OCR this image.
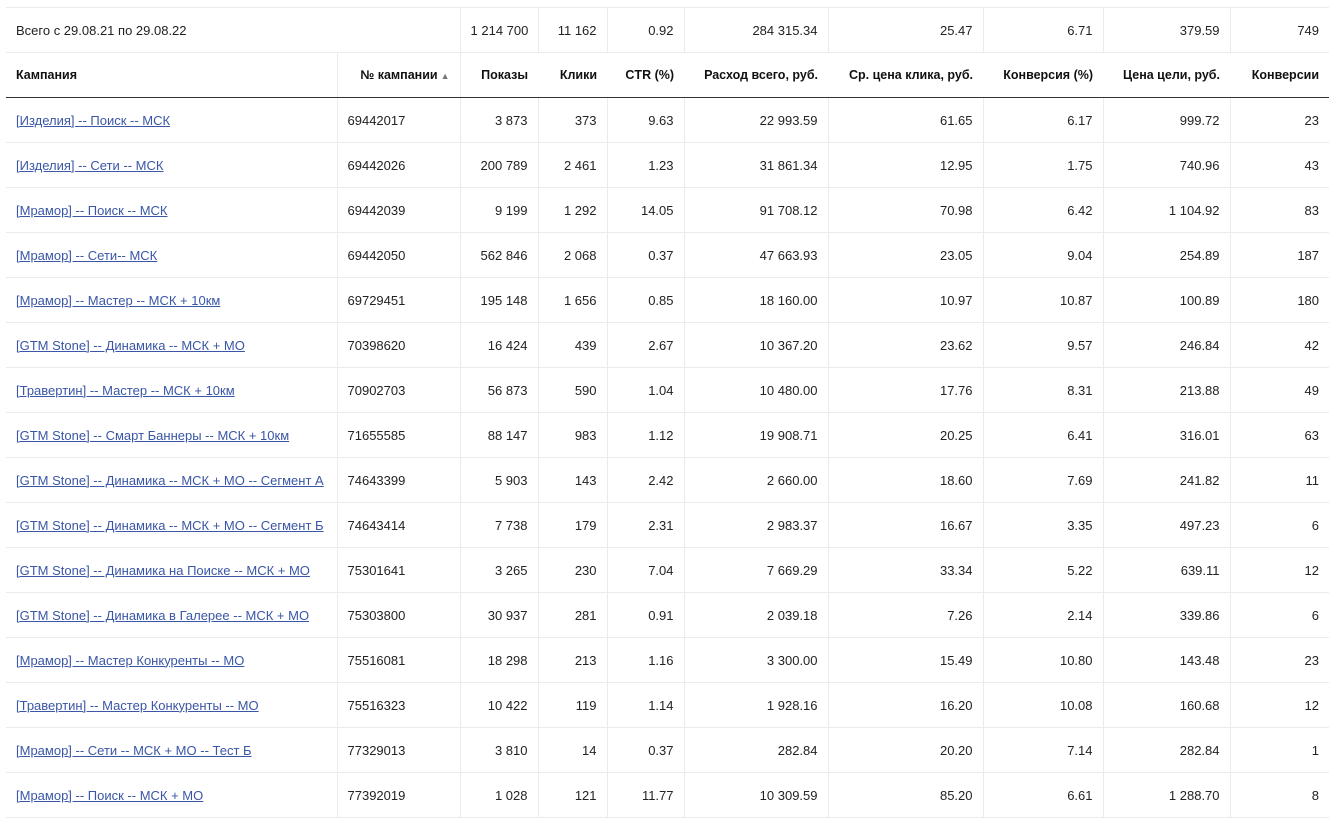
Всего с 29.08.21 по 29.08.22		1 214 700	11 162	0.92	284 315.34	25.47	6.71	379.59	749
Кампания	№ кампании ▲	Показы	Клики	CTR (%)	Расход всего, руб.	Ср. цена клика, руб.	Конверсия (%)	Цена цели, руб.	Конверсии
[Изделия] -- Поиск -- МСК	69442017	3 873	373	9.63	22 993.59	61.65	6.17	999.72	23
[Изделия] -- Сети -- МСК	69442026	200 789	2 461	1.23	31 861.34	12.95	1.75	740.96	43
[Мрамор] -- Поиск -- МСК	69442039	9 199	1 292	14.05	91 708.12	70.98	6.42	1 104.92	83
[Мрамор] -- Сети-- МСК	69442050	562 846	2 068	0.37	47 663.93	23.05	9.04	254.89	187
[Мрамор] -- Мастер -- МСК + 10км	69729451	195 148	1 656	0.85	18 160.00	10.97	10.87	100.89	180
[GTM Stone] -- Динамика -- МСК + МО	70398620	16 424	439	2.67	10 367.20	23.62	9.57	246.84	42
[Травертин] -- Мастер -- МСК + 10км	70902703	56 873	590	1.04	10 480.00	17.76	8.31	213.88	49
[GTM Stone] -- Смарт Баннеры -- МСК + 10км	71655585	88 147	983	1.12	19 908.71	20.25	6.41	316.01	63
[GTM Stone] -- Динамика -- МСК + МО -- Сегмент А	74643399	5 903	143	2.42	2 660.00	18.60	7.69	241.82	11
[GTM Stone] -- Динамика -- МСК + МО -- Сегмент Б	74643414	7 738	179	2.31	2 983.37	16.67	3.35	497.23	6
[GTM Stone] -- Динамика на Поиске -- МСК + МО	75301641	3 265	230	7.04	7 669.29	33.34	5.22	639.11	12
[GTM Stone] -- Динамика в Галерее -- МСК + МО	75303800	30 937	281	0.91	2 039.18	7.26	2.14	339.86	6
[Мрамор] -- Мастер Конкуренты -- МО	75516081	18 298	213	1.16	3 300.00	15.49	10.80	143.48	23
[Травертин] -- Мастер Конкуренты -- МО	75516323	10 422	119	1.14	1 928.16	16.20	10.08	160.68	12
[Мрамор] -- Сети -- МСК + МО -- Тест Б	77329013	3 810	14	0.37	282.84	20.20	7.14	282.84	1
[Мрамор] -- Поиск -- МСК + МО	77392019	1 028	121	11.77	10 309.59	85.20	6.61	1 288.70	8
